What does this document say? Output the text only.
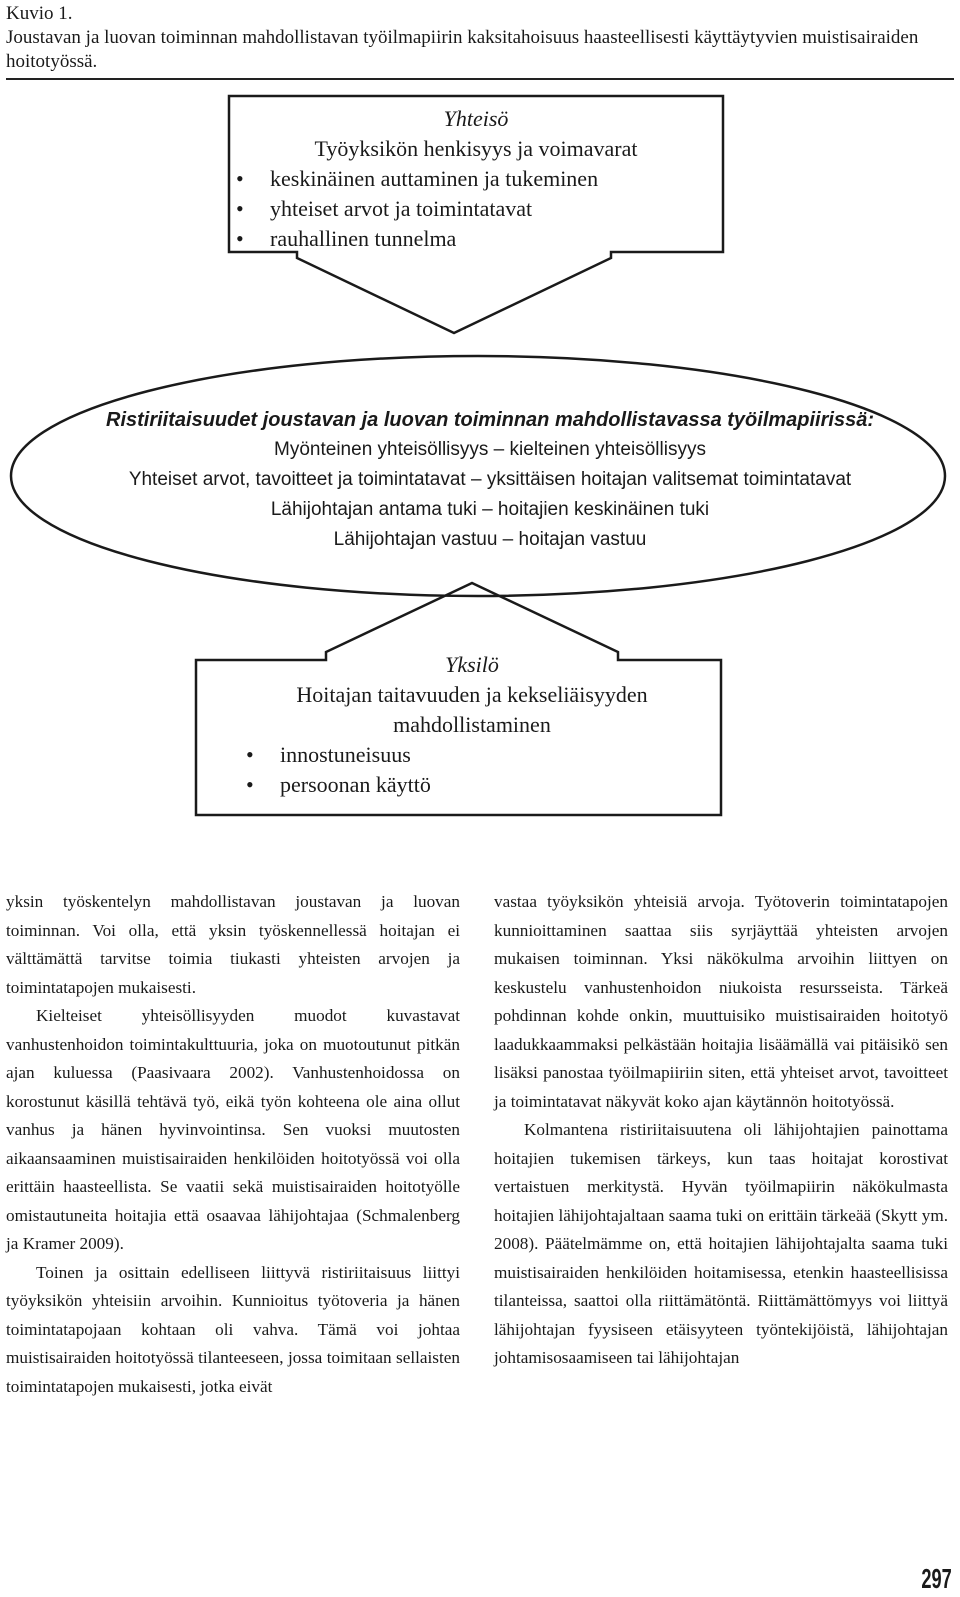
Kuvio 1.
Joustavan ja luovan toiminnan mahdollistavan työilmapiirin kaksitahoisuus haasteellisesti käyttäytyvien muistisairaiden hoitotyössä.
Yhteisö
Työyksikön henkisyys ja voimavarat
• keskinäinen auttaminen ja tukeminen
• yhteiset arvot ja toimintatavat
• rauhallinen tunnelma
Ristiriitaisuudet joustavan ja luovan toiminnan mahdollistavassa työilmapiirissä:
Myönteinen yhteisöllisyys – kielteinen yhteisöllisyys
Yhteiset arvot, tavoitteet ja toimintatavat – yksittäisen hoitajan valitsemat toimintatavat
Lähijohtajan antama tuki – hoitajien keskinäinen tuki
Lähijohtajan vastuu – hoitajan vastuu
Yksilö
Hoitajan taitavuuden ja kekseliäisyyden
mahdollistaminen
• innostuneisuus
• persoonan käyttö

yksin työskentelyn mahdollistavan joustavan ja luovan toiminnan. Voi olla, että yksin työskennellessä hoitajan ei välttämättä tarvitse toimia tiukasti yhteisten arvojen ja toimintatapojen mukaisesti.

Kielteiset yhteisöllisyyden muodot kuvastavat vanhustenhoidon toimintakulttuuria, joka on muotoutunut pitkän ajan kuluessa (Paasivaara 2002). Vanhustenhoidossa on korostunut käsillä tehtävä työ, eikä työn kohteena ole aina ollut vanhus ja hänen hyvinvointinsa. Sen vuoksi muutosten aikaansaaminen muistisairaiden henkilöiden hoitotyössä voi olla erittäin haasteellista. Se vaatii sekä muistisairaiden hoitotyölle omistautuneita hoitajia että osaavaa lähijohtajaa (Schmalenberg ja Kramer 2009).

Toinen ja osittain edelliseen liittyvä ristiriitaisuus liittyi työyksikön yhteisiin arvoihin. Kunnioitus työtoveria ja hänen toimintatapojaan kohtaan oli vahva. Tämä voi johtaa muistisairaiden hoitotyössä tilanteeseen, jossa toimitaan sellaisten toimintatapojen mukaisesti, jotka eivät

vastaa työyksikön yhteisiä arvoja. Työtoverin toimintatapojen kunnioittaminen saattaa siis syrjäyttää yhteisten arvojen mukaisen toiminnan. Yksi näkökulma arvoihin liittyen on keskustelu vanhustenhoidon niukoista resursseista. Tärkeä pohdinnan kohde onkin, muuttuisiko muistisairaiden hoitotyö laadukkaammaksi pelkästään hoitajia lisäämällä vai pitäisikö sen lisäksi panostaa työilmapiiriin siten, että yhteiset arvot, tavoitteet ja toimintatavat näkyvät koko ajan käytännön hoitotyössä.

Kolmantena ristiriitaisuutena oli lähijohtajien painottama hoitajien tukemisen tärkeys, kun taas hoitajat korostivat vertaistuen merkitystä. Hyvän työilmapiirin näkökulmasta hoitajien lähijohtajaltaan saama tuki on erittäin tärkeää (Skytt ym. 2008). Päätelmämme on, että hoitajien lähijohtajalta saama tuki muistisairaiden henkilöiden hoitamisessa, etenkin haasteellisissa tilanteissa, saattoi olla riittämätöntä. Riittämättömyys voi liittyä lähijohtajan fyysiseen etäisyyteen työntekijöistä, lähijohtajan johtamisosaamiseen tai lähijohtajan

297
